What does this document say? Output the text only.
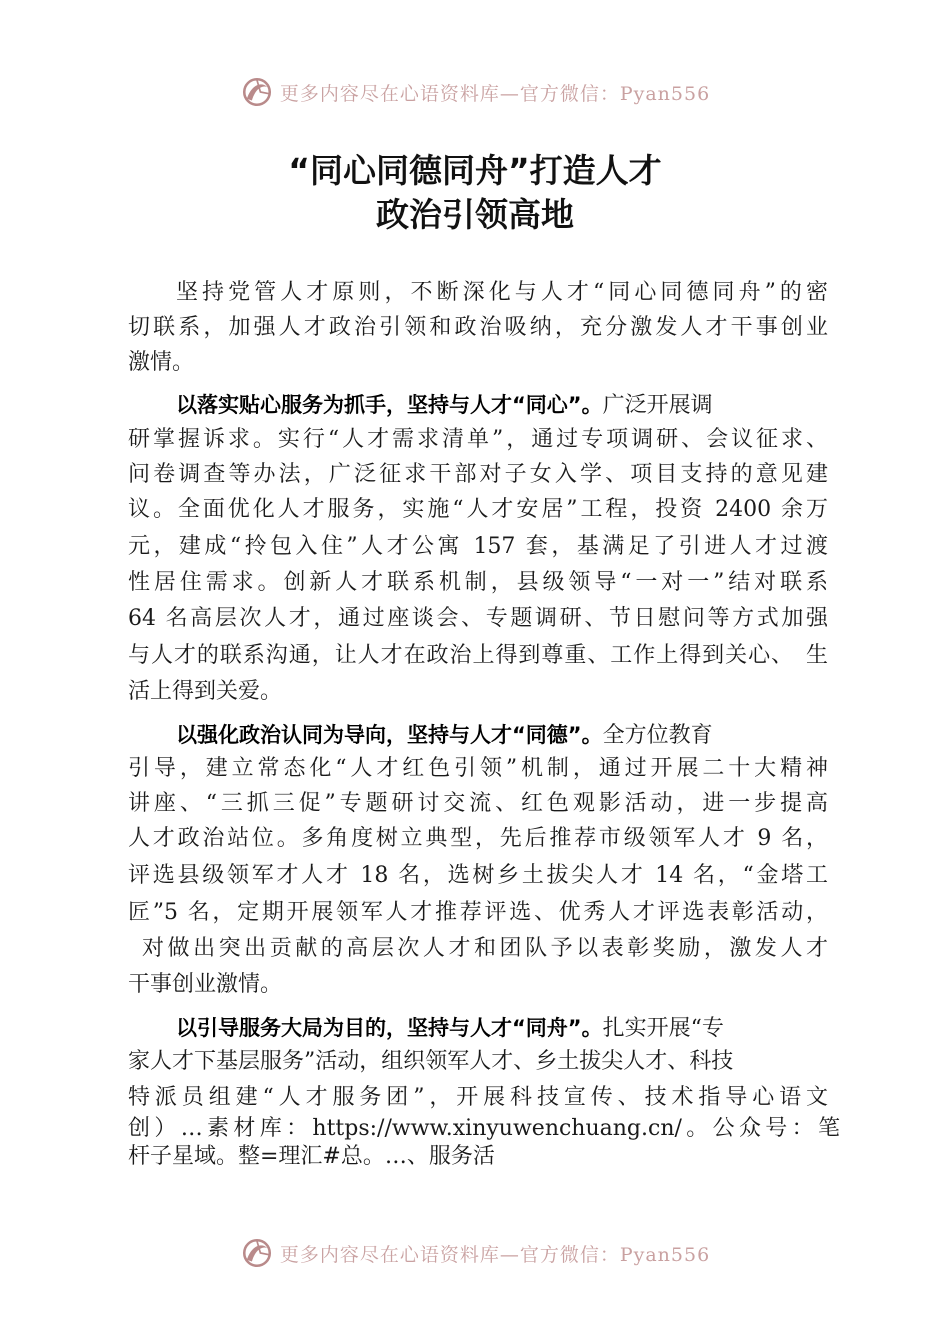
更多内容尽在心语资料库—官方微信：Pyan556
“同心同德同舟”打造人才
政治引领高地
坚持党管人才原则，不断深化与人才“同心同德同舟”的密
切联系，加强人才政治引领和政治吸纳，充分激发人才干事创业
激情。
以落实贴心服务为抓手，坚持与人才“同心”。广泛开展调
研掌握诉求。实行“人才需求清单”，通过专项调研、会议征求、
问卷调查等办法，广泛征求干部对子女入学、项目支持的意见建
议。全面优化人才服务，实施“人才安居”工程，投资 2400 余万
元，建成“拎包入住”人才公寓 157 套，基满足了引进人才过渡
性居住需求。创新人才联系机制，县级领导“一对一”结对联系
64 名高层次人才，通过座谈会、专题调研、节日慰问等方式加强
与人才的联系沟通，让人才在政治上得到尊重、工作上得到关心、　生
活上得到关爱。
以强化政治认同为导向，坚持与人才“同德”。全方位教育
引导，建立常态化“人才红色引领”机制，通过开展二十大精神
讲座、“三抓三促”专题研讨交流、红色观影活动，进一步提高
人才政治站位。多角度树立典型，先后推荐市级领军人才 9 名，
评选县级领军才人才 18 名，选树乡土拔尖人才 14 名，“金塔工
匠”5 名，定期开展领军人才推荐评选、优秀人才评选表彰活动，
对做出突出贡献的高层次人才和团队予以表彰奖励，激发人才
干事创业激情。
以引导服务大局为目的，坚持与人才“同舟”。扎实开展“专
家人才下基层服务”活动，组织领军人才、乡土拔尖人才、科技
特派员组建“人才服务团”，开展科技宣传、技术指导心语文
创）…素材库：https://www.xinyuwenchuang.cn/。公众号：笔
杆子星域。整=理汇#总。…、服务活
更多内容尽在心语资料库—官方微信：Pyan556
